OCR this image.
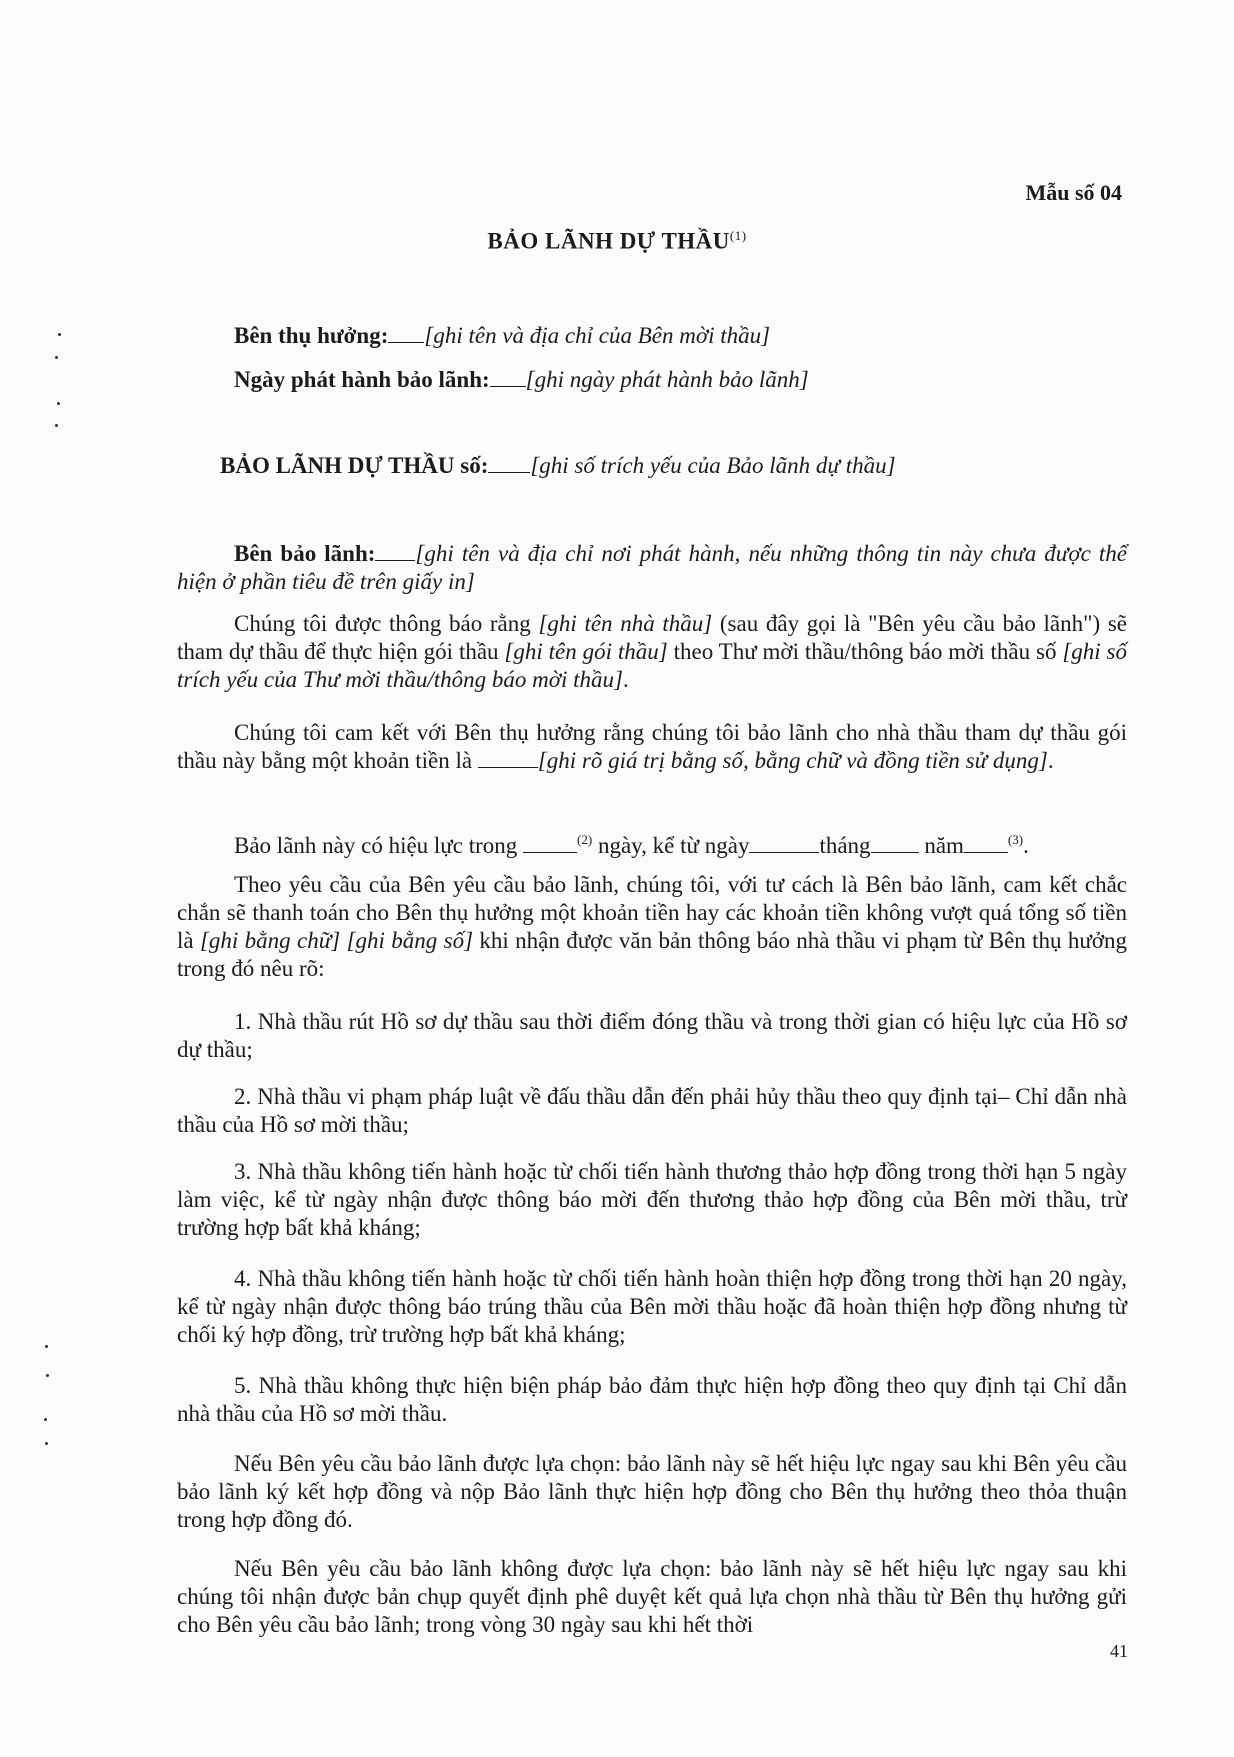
Mẫu số 04
BẢO LÃNH DỰ THẦU$^{(1)}$
Bên thụ hưởng: [ghi tên và địa chỉ của Bên mời thầu]
Ngày phát hành bảo lãnh: [ghi ngày phát hành bảo lãnh]
BẢO LÃNH DỰ THẦU số: [ghi số trích yếu của Bảo lãnh dự thầu]

Bên bảo lãnh: [ghi tên và địa chỉ nơi phát hành, nếu những thông tin này chưa được thể hiện ở phần tiêu đề trên giấy in]

Chúng tôi được thông báo rằng [ghi tên nhà thầu] (sau đây gọi là "Bên yêu cầu bảo lãnh") sẽ tham dự thầu để thực hiện gói thầu [ghi tên gói thầu] theo Thư mời thầu/thông báo mời thầu số [ghi số trích yếu của Thư mời thầu/thông báo mời thầu].

Chúng tôi cam kết với Bên thụ hưởng rằng chúng tôi bảo lãnh cho nhà thầu tham dự thầu gói thầu này bằng một khoản tiền là	[ghi rõ giá trị bằng số, bằng chữ và đồng tiền sử dụng].

Bảo lãnh này có hiệu lực trong	$^{(2)}$ ngày, kể từ ngày	tháng năm	$^{(3)}$.

Theo yêu cầu của Bên yêu cầu bảo lãnh, chúng tôi, với tư cách là Bên bảo lãnh, cam kết chắc chắn sẽ thanh toán cho Bên thụ hưởng một khoản tiền hay các khoản tiền không vượt quá tổng số tiền là [ghi bằng chữ] [ghi bằng số] khi nhận được văn bản thông báo nhà thầu vi phạm từ Bên thụ hưởng trong đó nêu rõ:

1. Nhà thầu rút Hồ sơ dự thầu sau thời điểm đóng thầu và trong thời gian có hiệu lực của Hồ sơ dự thầu;
2. Nhà thầu vi phạm pháp luật về đấu thầu dẫn đến phải hủy thầu theo quy định tại– Chỉ dẫn nhà thầu của Hồ sơ mời thầu;
3. Nhà thầu không tiến hành hoặc từ chối tiến hành thương thảo hợp đồng trong thời hạn 5 ngày làm việc, kể từ ngày nhận được thông báo mời đến thương thảo hợp đồng của Bên mời thầu, trừ trường hợp bất khả kháng;
4. Nhà thầu không tiến hành hoặc từ chối tiến hành hoàn thiện hợp đồng trong thời hạn 20 ngày, kể từ ngày nhận được thông báo trúng thầu của Bên mời thầu hoặc đã hoàn thiện hợp đồng nhưng từ chối ký hợp đồng, trừ trường hợp bất khả kháng;
5. Nhà thầu không thực hiện biện pháp bảo đảm thực hiện hợp đồng theo quy định tại Chỉ dẫn nhà thầu của Hồ sơ mời thầu.
Nếu Bên yêu cầu bảo lãnh được lựa chọn: bảo lãnh này sẽ hết hiệu lực ngay sau khi Bên yêu cầu bảo lãnh ký kết hợp đồng và nộp Bảo lãnh thực hiện hợp đồng cho Bên thụ hưởng theo thỏa thuận trong hợp đồng đó.
Nếu Bên yêu cầu bảo lãnh không được lựa chọn: bảo lãnh này sẽ hết hiệu lực ngay sau khi chúng tôi nhận được bản chụp quyết định phê duyệt kết quả lựa chọn nhà thầu từ Bên thụ hưởng gửi cho Bên yêu cầu bảo lãnh; trong vòng 30 ngày sau khi hết thời
41
